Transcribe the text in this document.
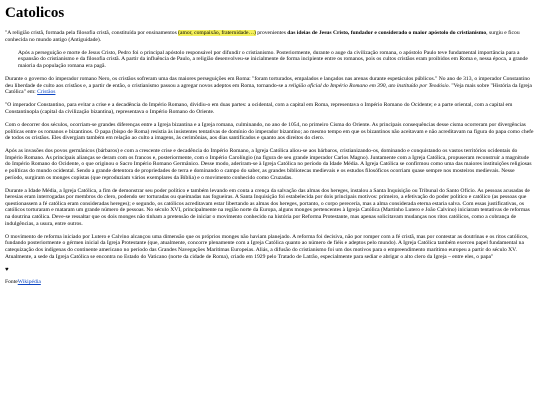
Catolicos

"A religião cristã, formada pela filosofia cristã, constituída por ensinamentos (amor, compaixão, fraternidade…) provenientes das ideias de Jesus Cristo, fundador e considerado o maior apóstolo do cristianismo, surgiu e ficou conhecida no mundo antigo (Antiguidade).

Após a perseguição e morte de Jesus Cristo, Pedro foi o principal apóstolo responsável por difundir o cristianismo. Posteriormente, durante o auge da civilização romana, o apóstolo Paulo teve fundamental importância para a expansão do cristianismo e da filosofia cristã. A partir da influência de Paulo, a religião desenvolveu-se inicialmente de forma incipiente entre os romanos, pois os cultos cristãos eram proibidos em Roma e, nessa época, a grande maioria da população romana era pagã.

Durante o governo do imperador romano Nero, os cristãos sofreram uma das maiores perseguições em Roma: "foram torturados, empalados e lançados nas arenas durante espetáculos públicos." No ano de 313, o imperador Constantino deu liberdade de culto aos cristãos e, a partir de então, o cristianismo passou a agregar novos adeptos em Roma, tornando-se a religião oficial do Império Romano em 390, ato instituído por Teodósio. "Veja mais sobre "História da Igreja Católica" em: Cristãos

"O imperador Constantino, para evitar a crise e a decadência do Império Romano, dividiu-o em duas partes: a ocidental, com a capital em Roma, representava o Império Romano do Ocidente; e a parte oriental, com a capital em Constantinopla (capital da civilização bizantina), representava o Império Romano do Oriente.

Com o decorrer dos séculos, ocorriam-se grandes diferenças entre a Igreja bizantina e a Igreja romana, culminando, no ano de 1054, no primeiro Cisma do Oriente. As principais consequências desse cisma ocorreram por divergências políticas entre os romanos e bizantinos. O papa (bispo de Roma) resistia às insistentes tentativas de domínio do imperador bizantino; ao mesmo tempo em que os bizantinos não aceitavam e não acreditavam na figura do papa como chefe de todos os cristãos. Eles divergiam também em relação ao culto a imagens, às cerimônias, aos dias santificados e quanto aos direitos do clero.

Após as invasões dos povos germânicos (bárbaros) e com a crescente crise e decadência do Império Romano, a Igreja Católica aliou-se aos bárbaros, cristianizando-os, dominando e conquistando os vastos territórios ocidentais do Império Romano. As principais alianças se deram com os francos e, posteriormente, com o Império Carolíngio (na figura de seu grande imperador Carlos Magno). Juntamente com a Igreja Católica, propuseram reconstruir a magnitude do Império Romano do Ocidente, o que originou o Sacro Império Romano Germânico. Desse modo, aderiram-se à Igreja Católica no período da Idade Média. A Igreja Católica se confirmou como uma das maiores instituições religiosas e políticas do mundo ocidental. Sendo a grande detentora de propriedades de terra e dominando o campo do saber, as grandes bibliotecas medievais e os estudos filosóficos ocorriam quase sempre nos mosteiros medievais. Nesse período, surgiram os monges copistas (que reproduziam vários exemplares da Bíblia) e o movimento conhecido como Cruzadas.

Durante a Idade Média, a Igreja Católica, a fim de demonstrar seu poder político e também levando em conta a crença da salvação das almas dos hereges, instalou a Santa Inquisição ou Tribunal do Santo Ofício. As pessoas acusadas de heresias eram interrogadas por membros do clero, podendo ser torturadas ou queimadas nas fogueiras. A Santa Inquisição foi estabelecida por dois principais motivos: primeiro, a efetivação do poder político e católico (as pessoas que questionassem a fé católica eram consideradas hereges); e segundo, os católicos acreditavam estar libertando as almas dos hereges, portanto, o corpo perecería, mas a alma considerada eterna estaria salva. Com essas justificativas, os católicos torturaram e mataram um grande número de pessoas. No século XVI, principalmente na região norte da Europa, alguns monges pertencentes à Igreja Católica (Martinho Lutero e João Calvino) iniciaram tentativas de reformas na doutrina católica. Deve-se ressaltar que os dois monges não tinham a pretensão de iniciar o movimento conhecido na história por Reforma Protestante, mas apenas solicitavam mudanças nos ritos católicos, como a cobrança de indulgências, a usura, entre outros.

O movimento de reforma iniciado por Lutero e Calvino alcançou uma dimensão que os próprios monges não haviam planejado. A reforma foi decisiva, não por romper com a fé cristã, mas por contestar as doutrinas e os ritos católicos, fundando posteriormente o gérmen inicial da Igreja Protestante (que, atualmente, concorre plenamente com a Igreja Católica quanto ao número de fiéis e adeptos pelo mundo). A Igreja Católica também exerceu papel fundamental na catequização dos indígenas do continente americano no período das Grandes Navegações Marítimas Europeias. Aliás, a difusão do cristianismo foi um dos motivos para o empreendimento marítimo europeu a partir do século XV. Atualmente, a sede da Igreja Católica se encontra no Estado do Vaticano (norte da cidade de Roma), criado em 1929 pelo Tratado de Latrão, especialmente para sediar e abrigar o alto clero da Igreja – entre eles, o papa"

♥

FonteWikipédia
